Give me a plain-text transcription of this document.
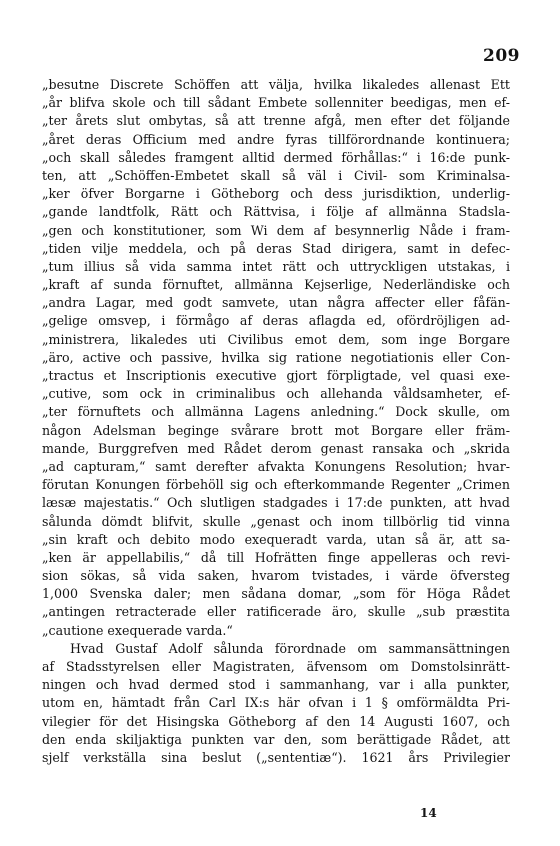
209
„besutne Discrete Schöffen att välja, hvilka likaledes allenast Ett
„år blifva skole och till sådant Embete sollenniter beedigas, men ef-
„ter årets slut ombytas, så att trenne afgå, men efter det följande
„året deras Officium med andre fyras tillförordnande kontinuera;
„och skall således framgent alltid dermed förhållas:“ i 16:de punk-
ten, att „Schöffen-Embetet skall så väl i Civil- som Kriminalsa-
„ker öfver Borgarne i Götheborg och dess jurisdiktion, underlig-
„gande landtfolk, Rätt och Rättvisa, i följe af allmänna Stadsla-
„gen och konstitutioner, som Wi dem af besynnerlig Nåde i fram-
„tiden vilje meddela, och på deras Stad dirigera, samt in defec-
„tum illius så vida samma intet rätt och uttryckligen utstakas, i
„kraft af sunda förnuftet, allmänna Kejserlige, Nederländiske och
„andra Lagar, med godt samvete, utan några affecter eller fåfän-
„gelige omsvep, i förmågo af deras aflagda ed, ofördröjligen ad-
„ministrera, likaledes uti Civilibus emot dem, som inge Borgare
„äro, active och passive, hvilka sig ratione negotiationis eller Con-
„tractus et Inscriptionis executive gjort förpligtade, vel quasi exe-
„cutive, som ock in criminalibus och allehanda våldsamheter, ef-
„ter förnuftets och allmänna Lagens anledning.“ Dock skulle, om
någon Adelsman beginge svårare brott mot Borgare eller främ-
mande, Burggrefven med Rådet derom genast ransaka och „skrida
„ad capturam,“ samt derefter afvakta Konungens Resolution; hvar-
förutan Konungen förbehöll sig och efterkommande Regenter „Crimen
læsæ majestatis.“ Och slutligen stadgades i 17:de punkten, att hvad
sålunda dömdt blifvit, skulle „genast och inom tillbörlig tid vinna
„sin kraft och debito modo exequeradt varda, utan så är, att sa-
„ken är appellabilis,“ då till Hofrätten finge appelleras och revi-
sion sökas, så vida saken, hvarom tvistades, i värde öfversteg
1,000 Svenska daler; men sådana domar, „som för Höga Rådet
„antingen retracterade eller ratificerade äro, skulle „sub præstita
„cautione exequerade varda.“
Hvad Gustaf Adolf sålunda förordnade om sammansättningen
af Stadsstyrelsen eller Magistraten, äfvensom om Domstolsinrätt-
ningen och hvad dermed stod i sammanhang, var i alla punkter,
utom en, hämtadt från Carl IX:s här ofvan i 1 § omförmäldta Pri-
vilegier för det Hisingska Götheborg af den 14 Augusti 1607, och
den enda skiljaktiga punkten var den, som berättigade Rådet, att
sjelf verkställa sina beslut („sententiæ“). 1621 års Privilegier
14
